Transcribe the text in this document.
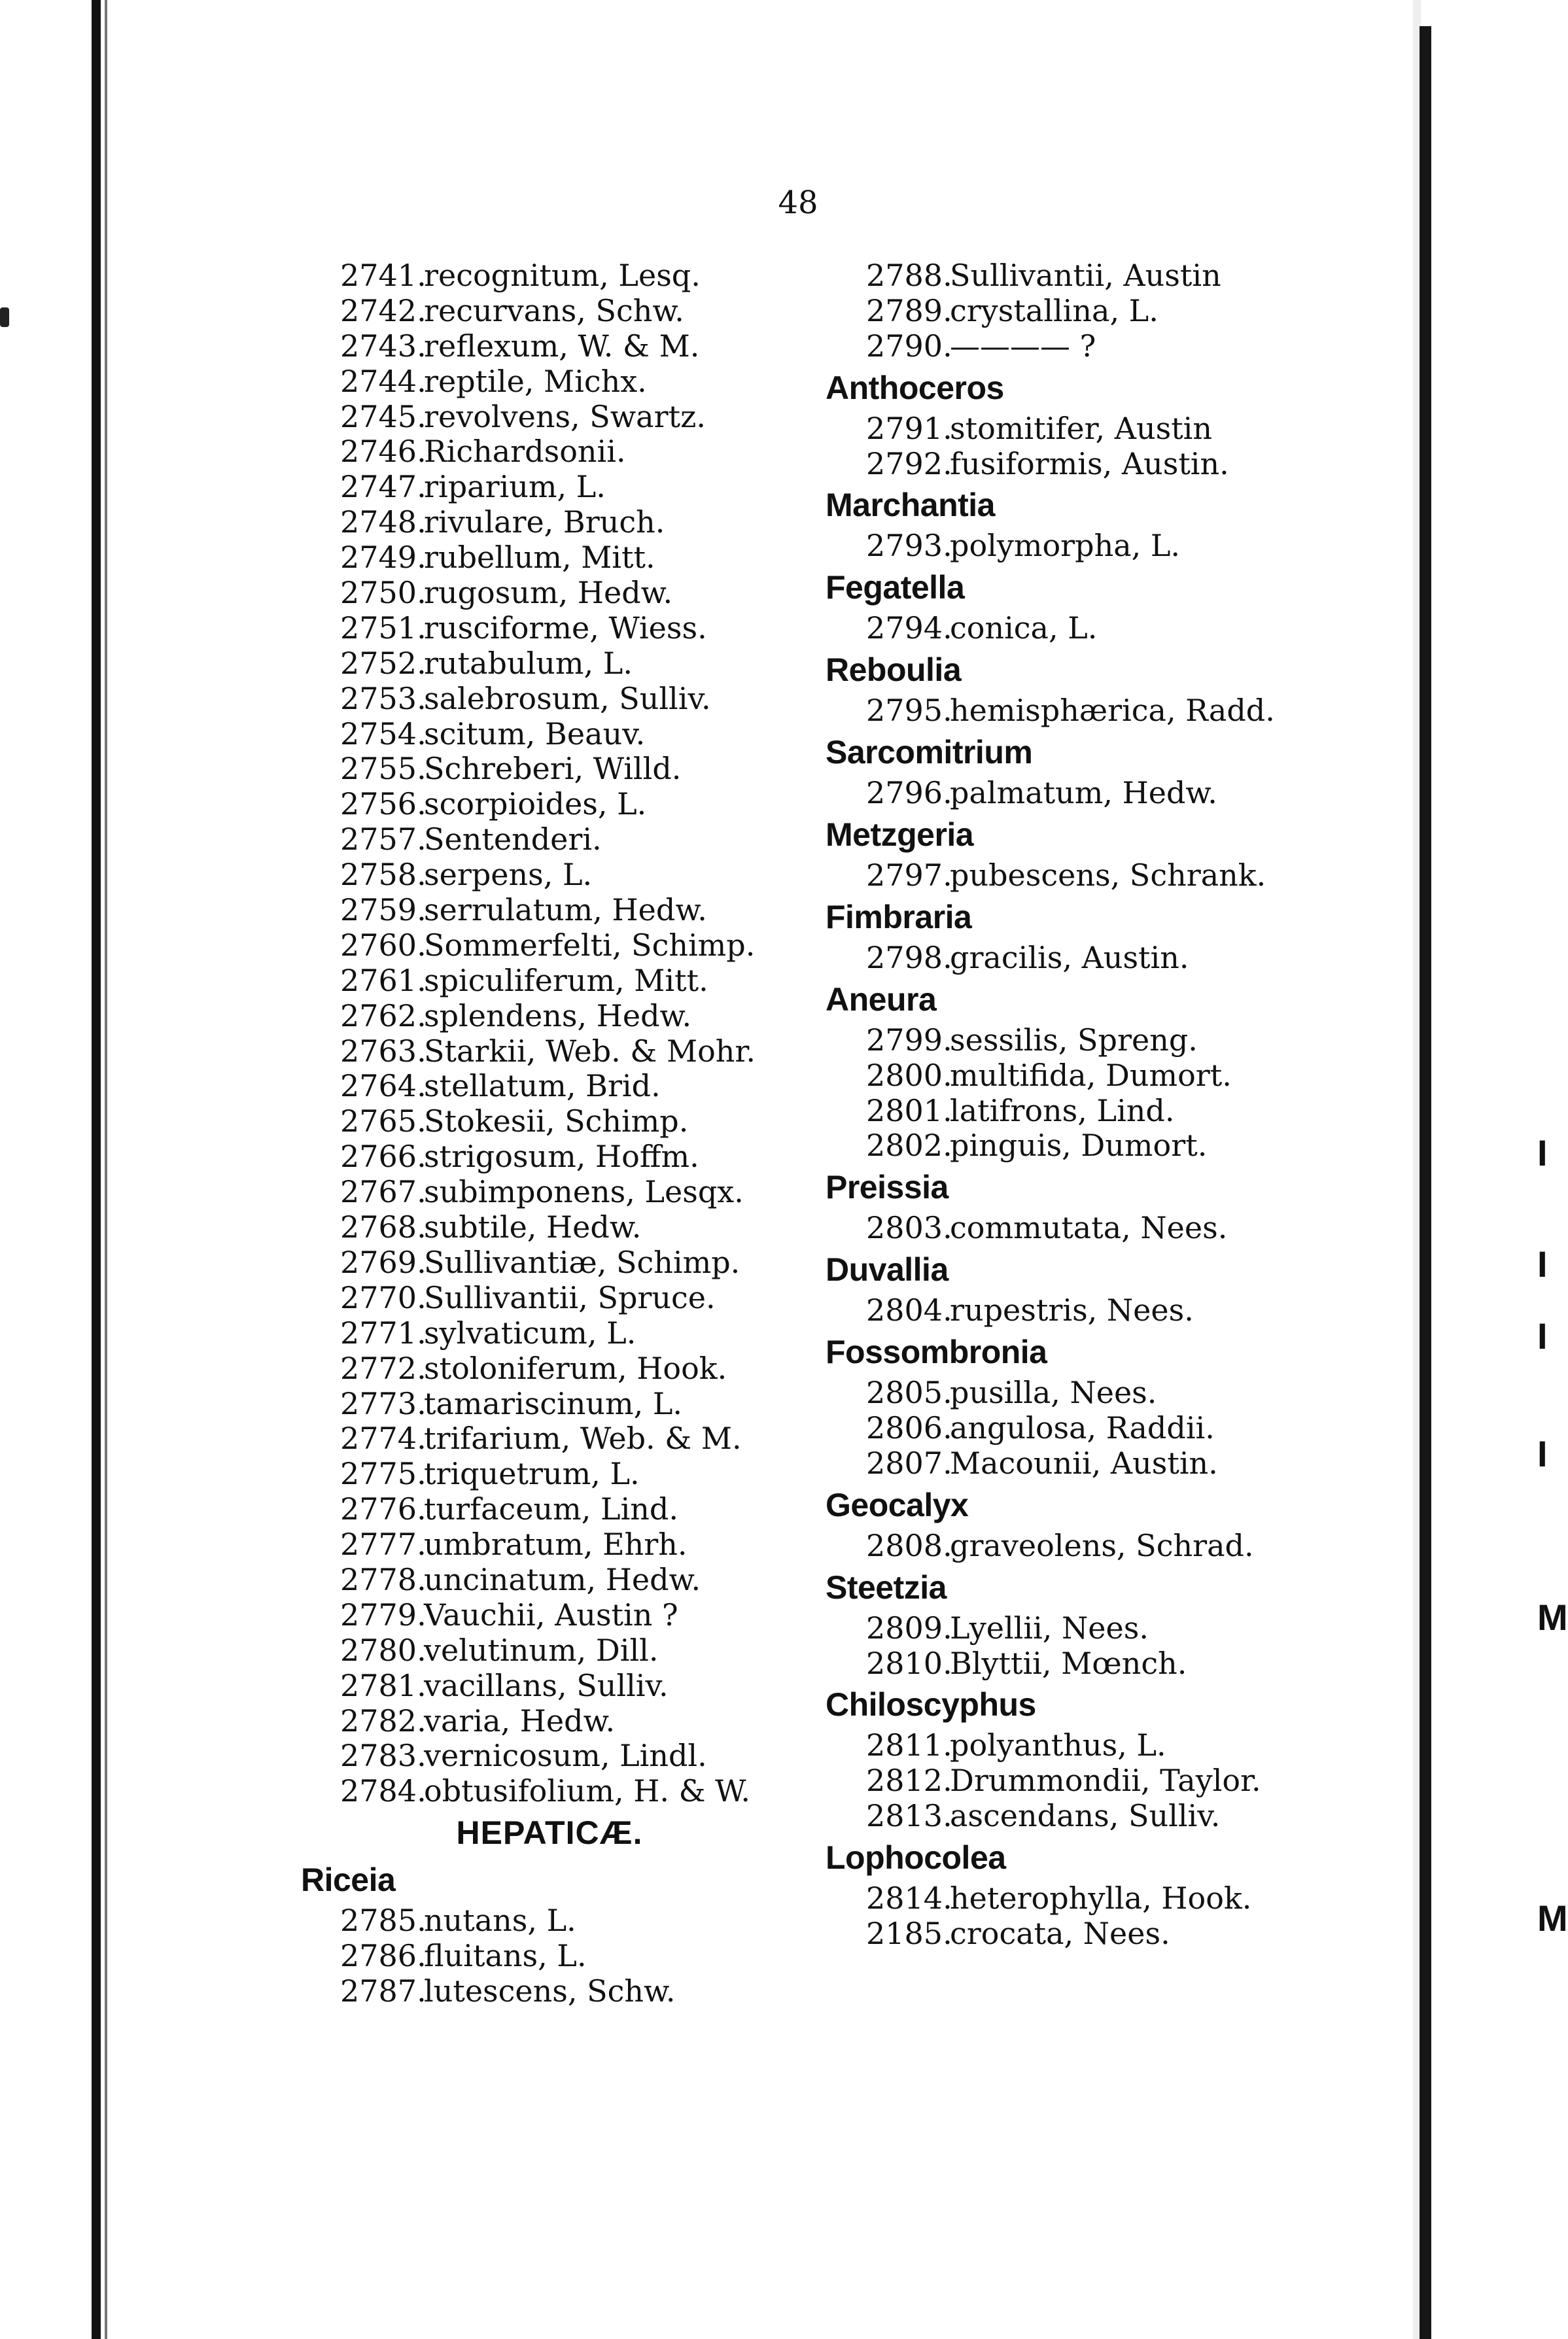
I
I
I
I
M
M
48
2741.recognitum, Lesq.
2742.recurvans, Schw.
2743.reflexum, W. & M.
2744.reptile, Michx.
2745.revolvens, Swartz.
2746.Richardsonii.
2747.riparium, L.
2748.rivulare, Bruch.
2749.rubellum, Mitt.
2750.rugosum, Hedw.
2751.rusciforme, Wiess.
2752.rutabulum, L.
2753.salebrosum, Sulliv.
2754.scitum, Beauv.
2755.Schreberi, Willd.
2756.scorpioides, L.
2757.Sentenderi.
2758.serpens, L.
2759.serrulatum, Hedw.
2760.Sommerfelti, Schimp.
2761.spiculiferum, Mitt.
2762.splendens, Hedw.
2763.Starkii, Web. & Mohr.
2764.stellatum, Brid.
2765.Stokesii, Schimp.
2766.strigosum, Hoffm.
2767.subimponens, Lesqx.
2768.subtile, Hedw.
2769.Sullivantiæ, Schimp.
2770.Sullivantii, Spruce.
2771.sylvaticum, L.
2772.stoloniferum, Hook.
2773.tamariscinum, L.
2774.trifarium, Web. & M.
2775.triquetrum, L.
2776.turfaceum, Lind.
2777.umbratum, Ehrh.
2778.uncinatum, Hedw.
2779.Vauchii, Austin ?
2780.velutinum, Dill.
2781.vacillans, Sulliv.
2782.varia, Hedw.
2783.vernicosum, Lindl.
2784.obtusifolium, H. & W.
HEPATICÆ.
Riceia
2785.nutans, L.
2786.fluitans, L.
2787.lutescens, Schw.
2788.Sullivantii, Austin
2789.crystallina, L.
2790.———— ?
Anthoceros
2791.stomitifer, Austin
2792.fusiformis, Austin.
Marchantia
2793.polymorpha, L.
Fegatella
2794.conica, L.
Reboulia
2795.hemisphærica, Radd.
Sarcomitrium
2796.palmatum, Hedw.
Metzgeria
2797.pubescens, Schrank.
Fimbraria
2798.gracilis, Austin.
Aneura
2799.sessilis, Spreng.
2800.multifida, Dumort.
2801.latifrons, Lind.
2802.pinguis, Dumort.
Preissia
2803.commutata, Nees.
Duvallia
2804.rupestris, Nees.
Fossombronia
2805.pusilla, Nees.
2806.angulosa, Raddii.
2807.Macounii, Austin.
Geocalyx
2808.graveolens, Schrad.
Steetzia
2809.Lyellii, Nees.
2810.Blyttii, Mœnch.
Chiloscyphus
2811.polyanthus, L.
2812.Drummondii, Taylor.
2813.ascendans, Sulliv.
Lophocolea
2814.heterophylla, Hook.
2185.crocata, Nees.
